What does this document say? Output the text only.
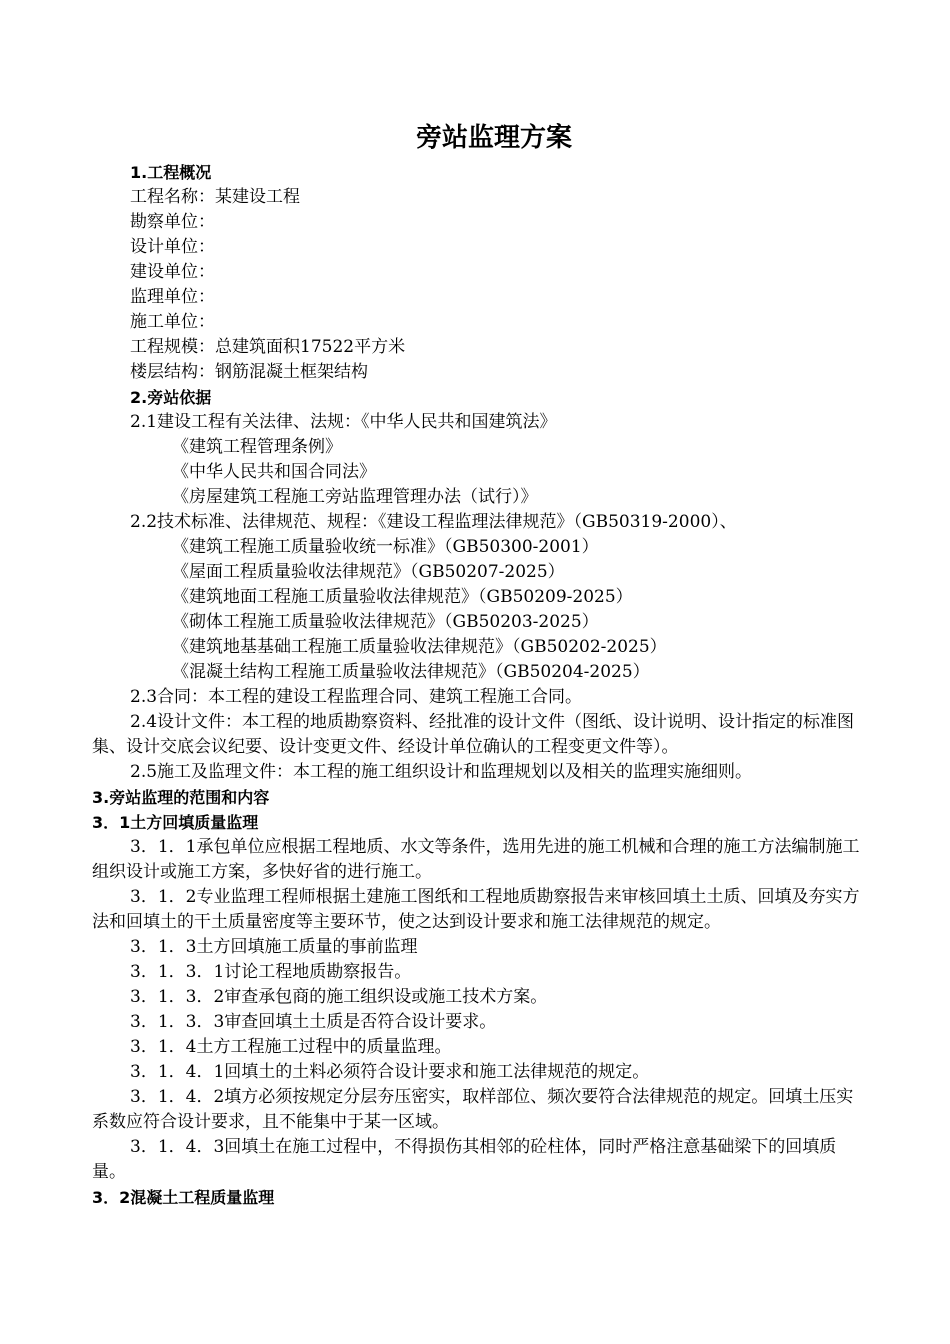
旁站监理方案

1.工程概况

工程名称：某建设工程

勘察单位：

设计单位：

建设单位：

监理单位：

施工单位：

工程规模：总建筑面积17522平方米

楼层结构：钢筋混凝土框架结构

2.旁站依据

2.1建设工程有关法律、法规：《中华人民共和国建筑法》

《建筑工程管理条例》

《中华人民共和国合同法》

《房屋建筑工程施工旁站监理管理办法（试行）》

2.2技术标准、法律规范、规程：《建设工程监理法律规范》（GB50319-2000）、

《建筑工程施工质量验收统一标准》（GB50300-2001）

《屋面工程质量验收法律规范》（GB50207-2025）

《建筑地面工程施工质量验收法律规范》（GB50209-2025）

《砌体工程施工质量验收法律规范》（GB50203-2025）

《建筑地基基础工程施工质量验收法律规范》（GB50202-2025）

《混凝土结构工程施工质量验收法律规范》（GB50204-2025）

2.3合同：本工程的建设工程监理合同、建筑工程施工合同。

2.4设计文件：本工程的地质勘察资料、经批准的设计文件（图纸、设计说明、设计指定的标准图集、设计交底会议纪要、设计变更文件、经设计单位确认的工程变更文件等）。

2.5施工及监理文件：本工程的施工组织设计和监理规划以及相关的监理实施细则。

3.旁站监理的范围和内容

3．1土方回填质量监理

3．1．1承包单位应根据工程地质、水文等条件，选用先进的施工机械和合理的施工方法编制施工组织设计或施工方案，多快好省的进行施工。

3．1．2专业监理工程师根据土建施工图纸和工程地质勘察报告来审核回填土土质、回填及夯实方法和回填土的干土质量密度等主要环节，使之达到设计要求和施工法律规范的规定。

3．1．3土方回填施工质量的事前监理

3．1．3．1讨论工程地质勘察报告。

3．1．3．2审查承包商的施工组织设或施工技术方案。

3．1．3．3审查回填土土质是否符合设计要求。

3．1．4土方工程施工过程中的质量监理。

3．1．4．1回填土的土料必须符合设计要求和施工法律规范的规定。

3．1．4．2填方必须按规定分层夯压密实，取样部位、频次要符合法律规范的规定。回填土压实系数应符合设计要求，且不能集中于某一区域。

3．1．4．3回填土在施工过程中，不得损伤其相邻的砼柱体，同时严格注意基础梁下的回填质量。

3．2混凝土工程质量监理
